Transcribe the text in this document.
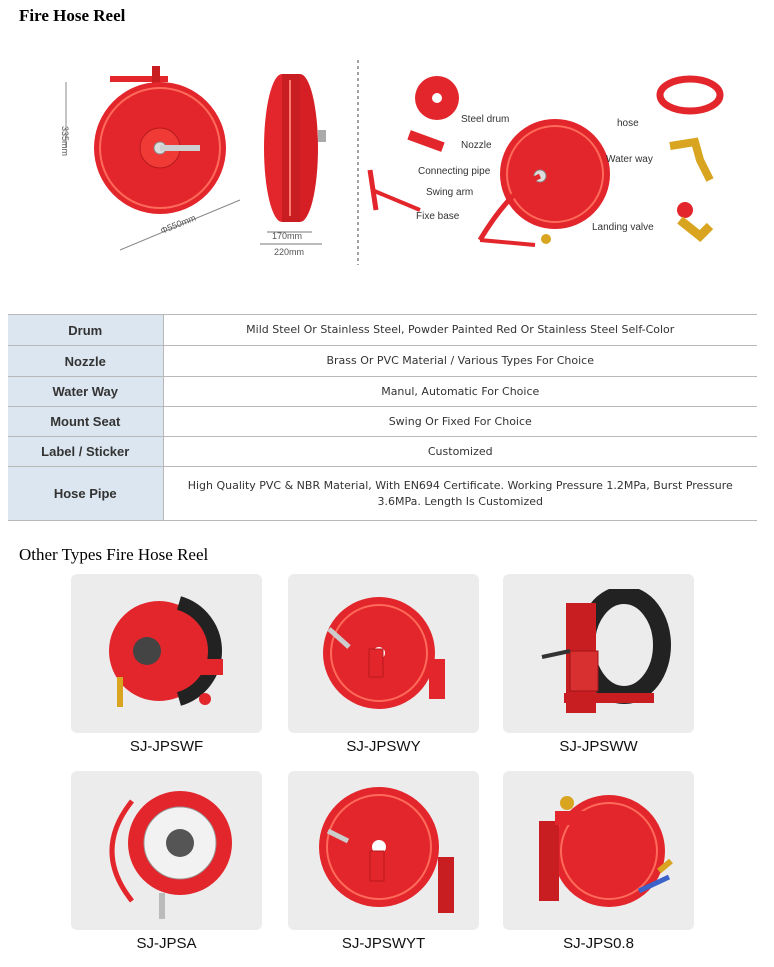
Fire Hose Reel
335mm
Φ550mm
170mm
220mm
Steel drum
Nozzle
Connecting pipe
Swing arm
Fixe base
hose
Water way
Landing valve
Drum	Mild Steel Or Stainless Steel, Powder Painted Red Or Stainless Steel Self-Color
Nozzle	Brass Or PVC Material / Various Types For Choice
Water Way	Manul, Automatic For Choice
Mount Seat	Swing Or Fixed For Choice
Label / Sticker	Customized
Hose Pipe	High Quality PVC & NBR Material, With EN694 Certificate. Working Pressure 1.2MPa, Burst Pressure 3.6MPa. Length Is Customized
Other Types Fire Hose Reel
SJ-JPSWF	SJ-JPSWY	SJ-JPSWW
SJ-JPSA	SJ-JPSWYT	SJ-JPS0.8
